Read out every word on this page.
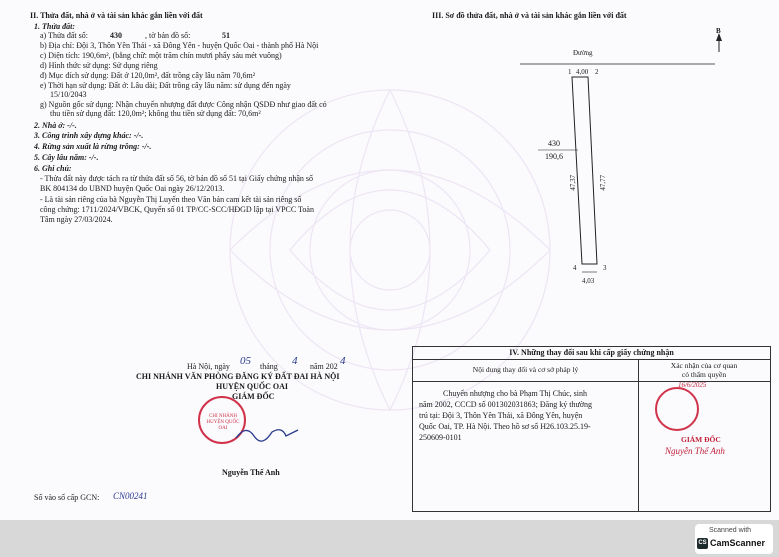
II. Thửa đất, nhà ở và tài sản khác gắn liền với đất
1. Thửa đất:
a) Thửa đất số:	430	, tờ bản đồ số:	51
b) Địa chỉ: Đội 3, Thôn Yên Thái - xã Đông Yên - huyện Quốc Oai - thành phố Hà Nội
c) Diện tích: 190,6m², (bằng chữ: một trăm chín mươi phẩy sáu mét vuông)
d) Hình thức sử dụng: Sử dụng riêng
đ) Mục đích sử dụng: Đất ở 120,0m², đất trồng cây lâu năm 70,6m²
e) Thời hạn sử dụng: Đất ở: Lâu dài; Đất trồng cây lâu năm: sử dụng đến ngày
15/10/2043
g) Nguồn gốc sử dụng: Nhận chuyển nhượng đất được Công nhận QSDĐ như giao đất có
thu tiền sử dụng đất: 120,0m²; không thu tiền sử dụng đất: 70,6m²
2. Nhà ở: -/-.
3. Công trình xây dựng khác: -/-.
4. Rừng sản xuất là rừng trồng: -/-.
5. Cây lâu năm: -/-.
6. Ghi chú:
- Thửa đất này được tách ra từ thửa đất số 56, tờ bản đồ số 51 tại Giấy chứng nhận số
BK 804134 do UBND huyện Quốc Oai ngày 26/12/2013.
- Là tài sản riêng của bà Nguyễn Thị Luyến theo Văn bản cam kết tài sản riêng số
công chứng: 1711/2024/VBCK, Quyển số 01 TP/CC-SCC/HĐGD lập tại VPCC Toàn
Tâm ngày 27/03/2024.
III. Sơ đồ thửa đất, nhà ở và tài sản khác gắn liền với đất
Đường
B
1 4,00 2
430
190,6
47,37	47,77
4	3
4,03
Hà Nội, ngày 05 tháng 4 năm 202 4
CHI NHÁNH VĂN PHÒNG ĐĂNG KÝ ĐẤT ĐAI HÀ NỘI
HUYỆN QUỐC OAI
GIÁM ĐỐC
CHI NHÁNH HUYỆN QUỐC OAI
Nguyễn Thế Anh
Số vào sổ cấp GCN: CN00241
IV. Những thay đổi sau khi cấp giấy chứng nhận
Nội dung thay đổi và cơ sở pháp lý	Xác nhận của cơ quan
có thẩm quyền
Chuyển nhượng cho bà Phạm Thị Chúc, sinh
năm 2002, CCCD số 001302031863; Đăng ký thường
trú tại: Đội 3, Thôn Yên Thái, xã Đông Yên, huyện
Quốc Oai, TP. Hà Nội. Theo hồ sơ số H26.103.25.19-
250609-0101
16/6/2025
GIÁM ĐỐC
Nguyễn Thế Anh
Scanned with
CS CamScanner
